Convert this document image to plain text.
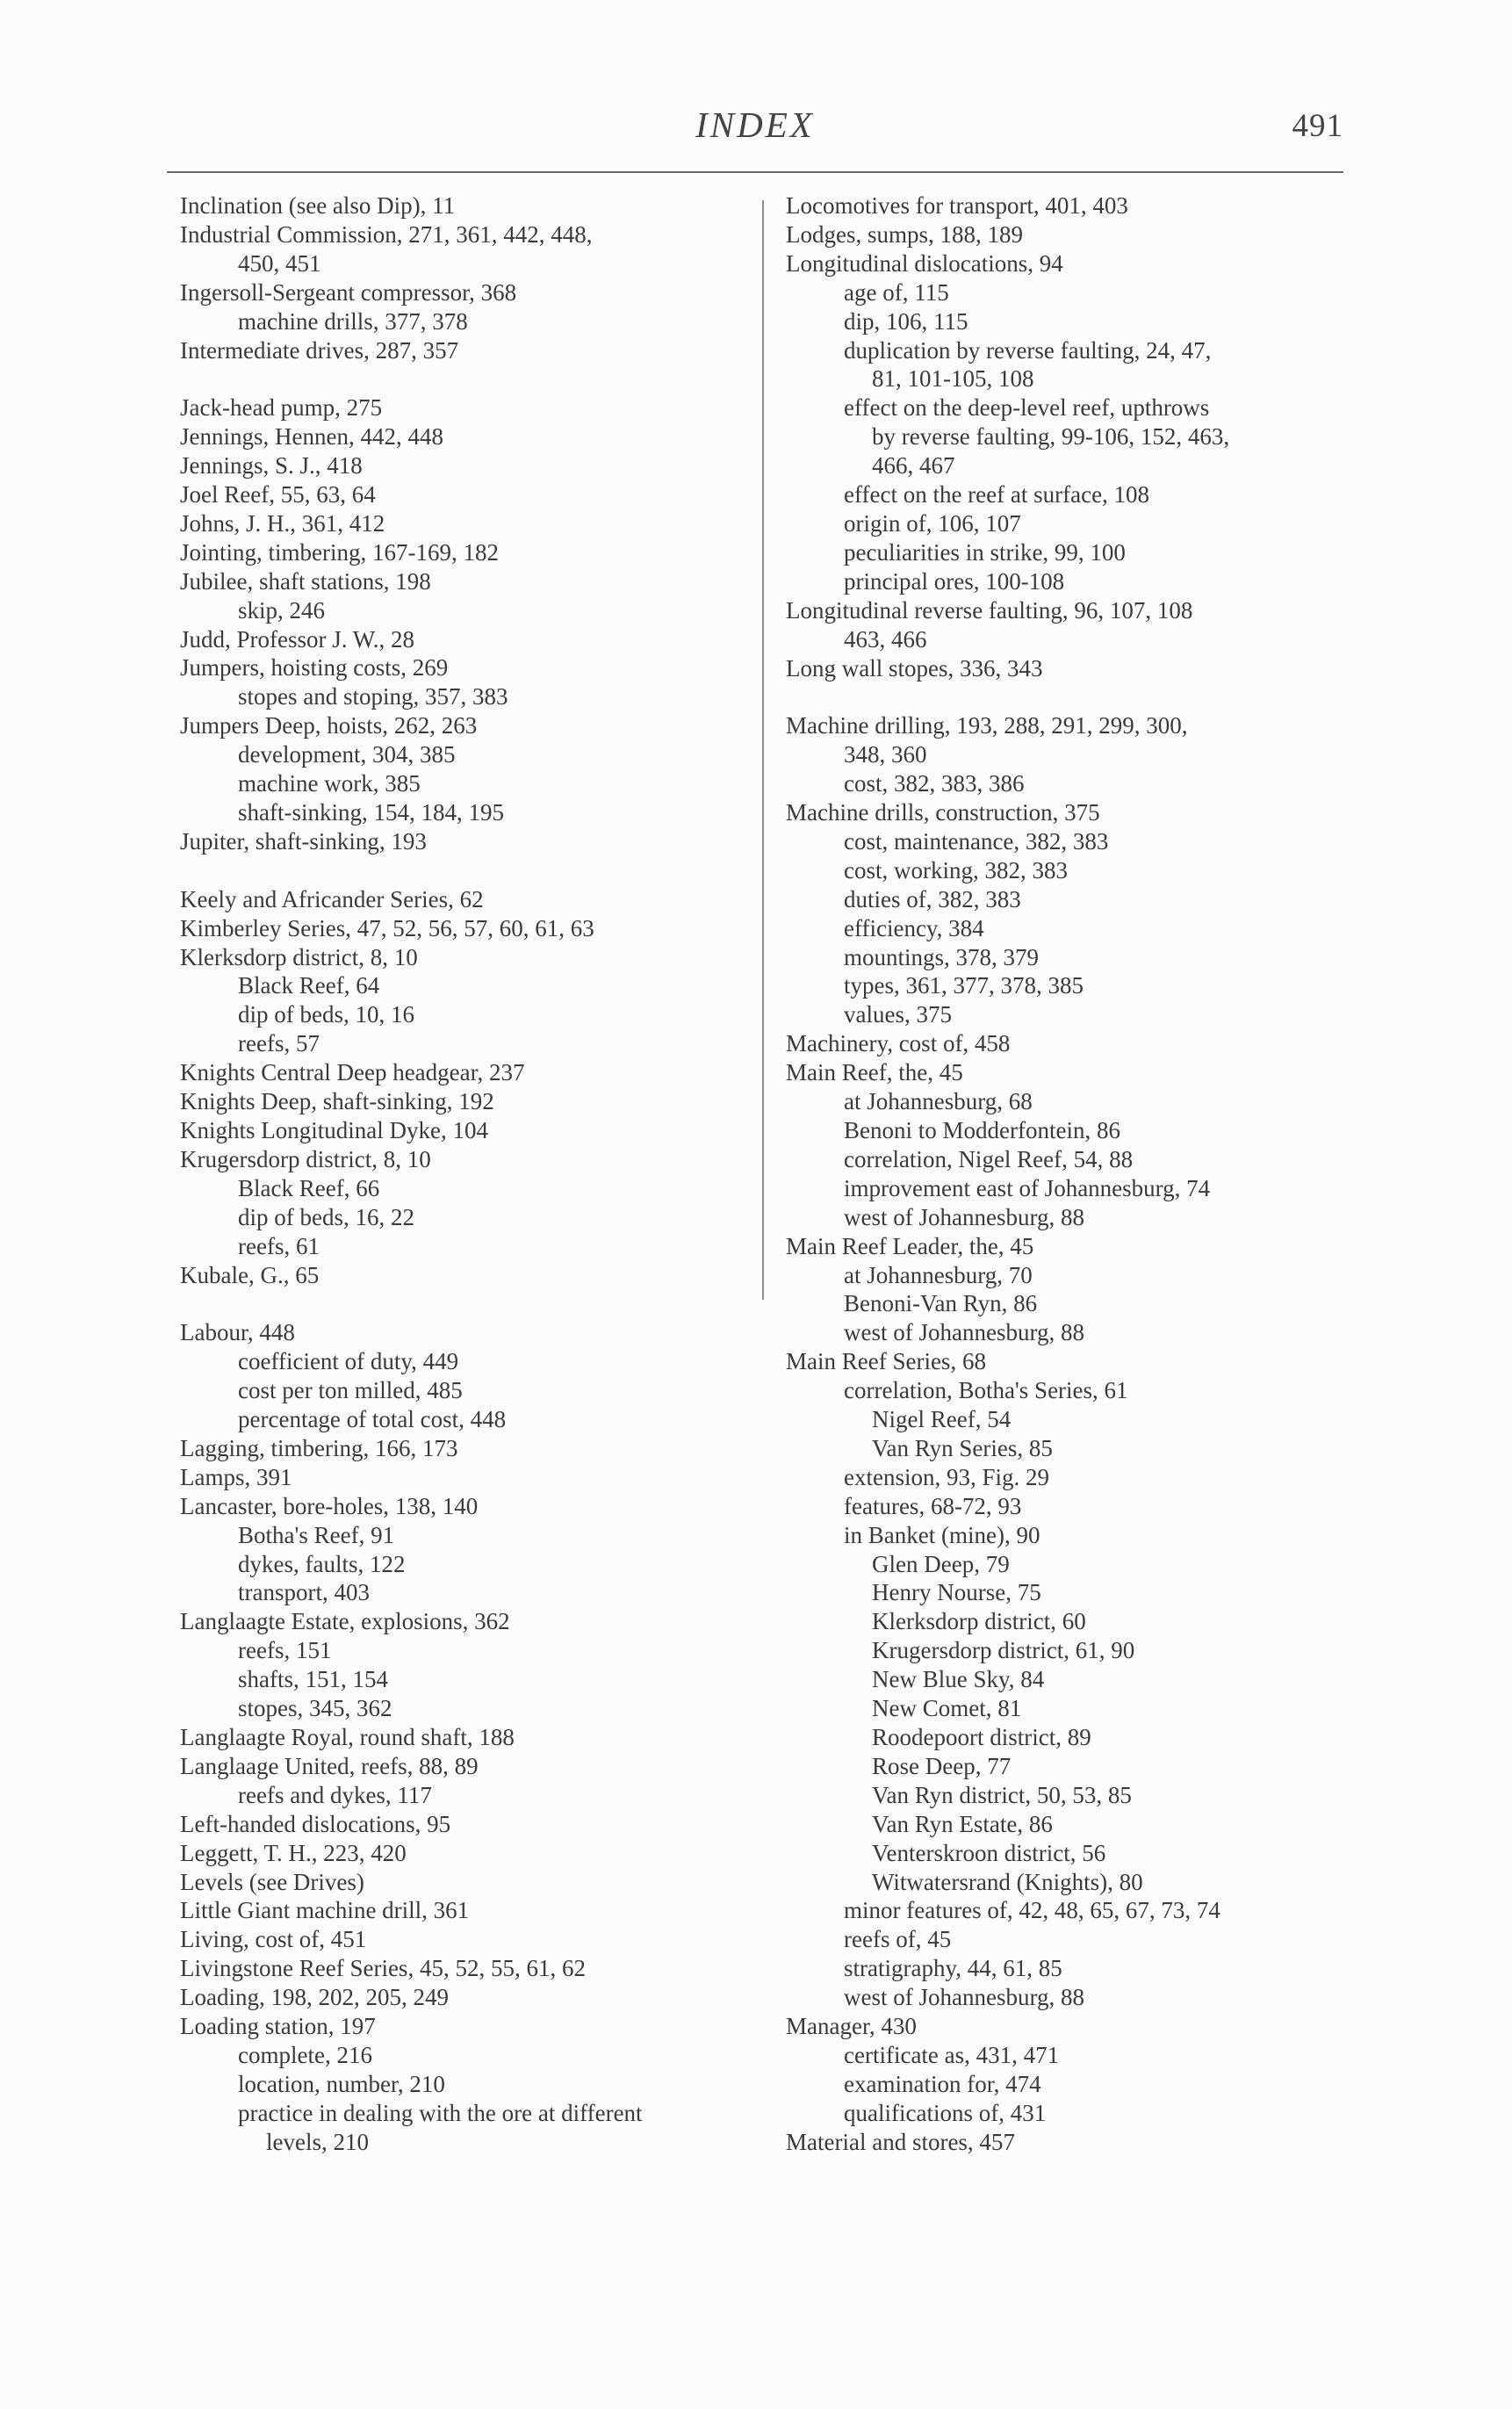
INDEX	491
Inclination (see also Dip), 11
Industrial Commission, 271, 361, 442, 448,
450, 451
Ingersoll-Sergeant compressor, 368
machine drills, 377, 378
Intermediate drives, 287, 357
Jack-head pump, 275
Jennings, Hennen, 442, 448
Jennings, S. J., 418
Joel Reef, 55, 63, 64
Johns, J. H., 361, 412
Jointing, timbering, 167-169, 182
Jubilee, shaft stations, 198
skip, 246
Judd, Professor J. W., 28
Jumpers, hoisting costs, 269
stopes and stoping, 357, 383
Jumpers Deep, hoists, 262, 263
development, 304, 385
machine work, 385
shaft-sinking, 154, 184, 195
Jupiter, shaft-sinking, 193
Keely and Africander Series, 62
Kimberley Series, 47, 52, 56, 57, 60, 61, 63
Klerksdorp district, 8, 10
Black Reef, 64
dip of beds, 10, 16
reefs, 57
Knights Central Deep headgear, 237
Knights Deep, shaft-sinking, 192
Knights Longitudinal Dyke, 104
Krugersdorp district, 8, 10
Black Reef, 66
dip of beds, 16, 22
reefs, 61
Kubale, G., 65
Labour, 448
coefficient of duty, 449
cost per ton milled, 485
percentage of total cost, 448
Lagging, timbering, 166, 173
Lamps, 391
Lancaster, bore-holes, 138, 140
Botha's Reef, 91
dykes, faults, 122
transport, 403
Langlaagte Estate, explosions, 362
reefs, 151
shafts, 151, 154
stopes, 345, 362
Langlaagte Royal, round shaft, 188
Langlaage United, reefs, 88, 89
reefs and dykes, 117
Left-handed dislocations, 95
Leggett, T. H., 223, 420
Levels (see Drives)
Little Giant machine drill, 361
Living, cost of, 451
Livingstone Reef Series, 45, 52, 55, 61, 62
Loading, 198, 202, 205, 249
Loading station, 197
complete, 216
location, number, 210
practice in dealing with the ore at different
levels, 210
Locomotives for transport, 401, 403
Lodges, sumps, 188, 189
Longitudinal dislocations, 94
age of, 115
dip, 106, 115
duplication by reverse faulting, 24, 47,
81, 101-105, 108
effect on the deep-level reef, upthrows
by reverse faulting, 99-106, 152, 463,
466, 467
effect on the reef at surface, 108
origin of, 106, 107
peculiarities in strike, 99, 100
principal ores, 100-108
Longitudinal reverse faulting, 96, 107, 108
463, 466
Long wall stopes, 336, 343
Machine drilling, 193, 288, 291, 299, 300,
348, 360
cost, 382, 383, 386
Machine drills, construction, 375
cost, maintenance, 382, 383
cost, working, 382, 383
duties of, 382, 383
efficiency, 384
mountings, 378, 379
types, 361, 377, 378, 385
values, 375
Machinery, cost of, 458
Main Reef, the, 45
at Johannesburg, 68
Benoni to Modderfontein, 86
correlation, Nigel Reef, 54, 88
improvement east of Johannesburg, 74
west of Johannesburg, 88
Main Reef Leader, the, 45
at Johannesburg, 70
Benoni-Van Ryn, 86
west of Johannesburg, 88
Main Reef Series, 68
correlation, Botha's Series, 61
Nigel Reef, 54
Van Ryn Series, 85
extension, 93, Fig. 29
features, 68-72, 93
in Banket (mine), 90
Glen Deep, 79
Henry Nourse, 75
Klerksdorp district, 60
Krugersdorp district, 61, 90
New Blue Sky, 84
New Comet, 81
Roodepoort district, 89
Rose Deep, 77
Van Ryn district, 50, 53, 85
Van Ryn Estate, 86
Venterskroon district, 56
Witwatersrand (Knights), 80
minor features of, 42, 48, 65, 67, 73, 74
reefs of, 45
stratigraphy, 44, 61, 85
west of Johannesburg, 88
Manager, 430
certificate as, 431, 471
examination for, 474
qualifications of, 431
Material and stores, 457
